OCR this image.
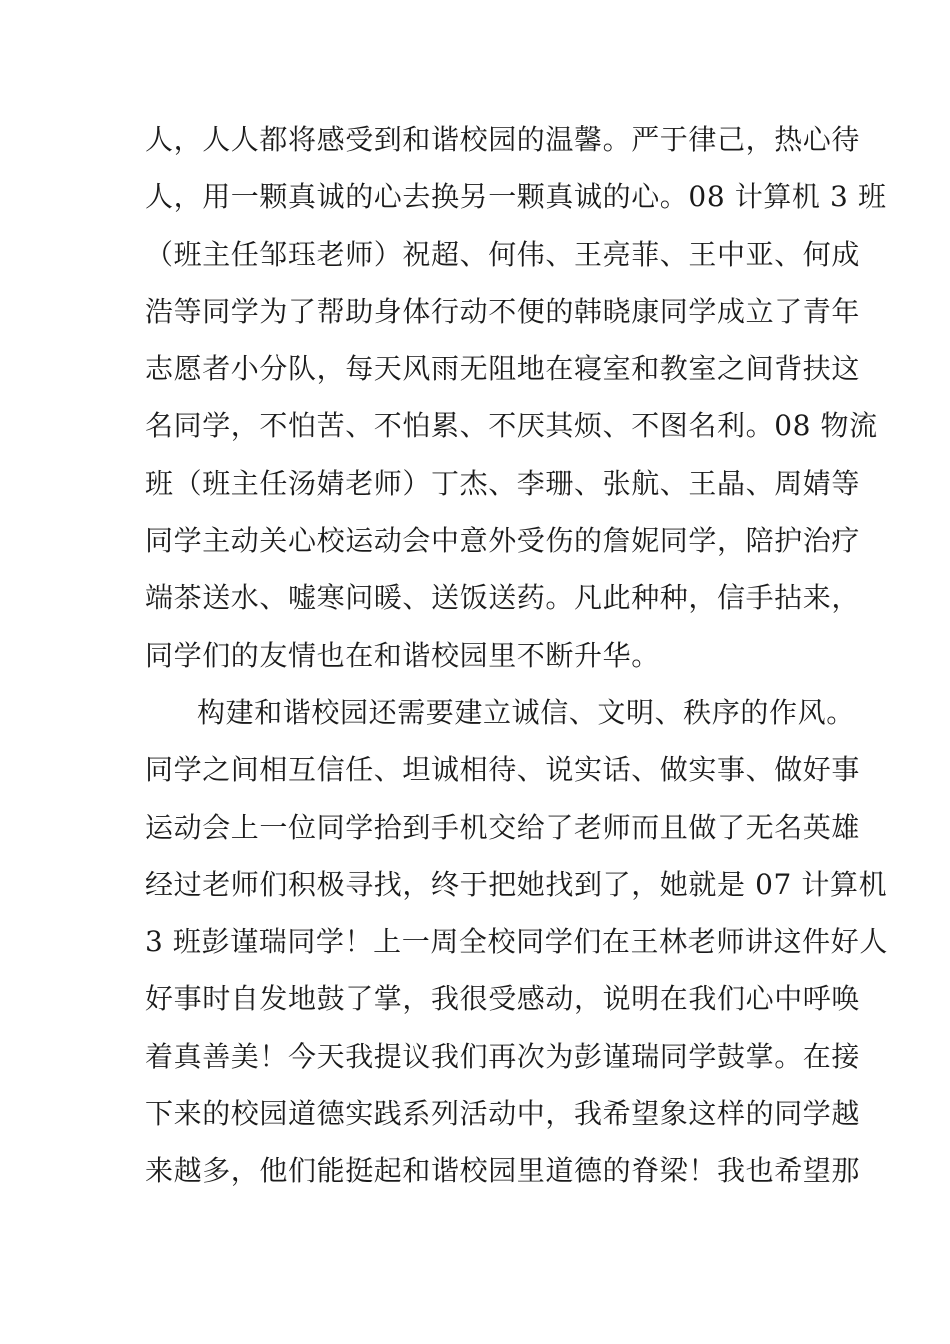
人，人人都将感受到和谐校园的温馨。严于律己，热心待
人，用一颗真诚的心去换另一颗真诚的心。08 计算机 3 班
（班主任邹珏老师）祝超、何伟、王亮菲、王中亚、何成
浩等同学为了帮助身体行动不便的韩晓康同学成立了青年
志愿者小分队，每天风雨无阻地在寝室和教室之间背扶这
名同学，不怕苦、不怕累、不厌其烦、不图名利。08 物流
班（班主任汤婧老师）丁杰、李珊、张航、王晶、周婧等
同学主动关心校运动会中意外受伤的詹妮同学，陪护治疗
端茶送水、嘘寒问暖、送饭送药。凡此种种，信手拈来，
同学们的友情也在和谐校园里不断升华。
构建和谐校园还需要建立诚信、文明、秩序的作风。
同学之间相互信任、坦诚相待、说实话、做实事、做好事
运动会上一位同学拾到手机交给了老师而且做了无名英雄
经过老师们积极寻找，终于把她找到了，她就是 07 计算机
3 班彭谨瑞同学！上一周全校同学们在王林老师讲这件好人
好事时自发地鼓了掌，我很受感动，说明在我们心中呼唤
着真善美！今天我提议我们再次为彭谨瑞同学鼓掌。在接
下来的校园道德实践系列活动中，我希望象这样的同学越
来越多，他们能挺起和谐校园里道德的脊梁！我也希望那
